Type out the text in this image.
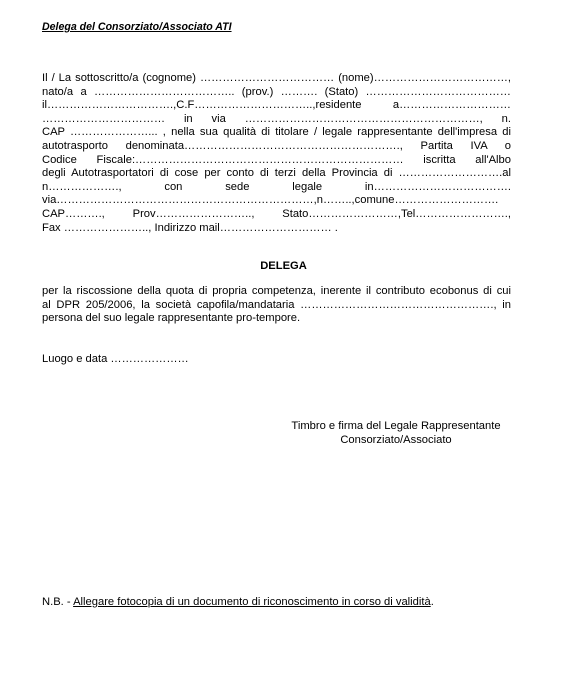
Delega del Consorziato/Associato ATI
Il / La sottoscritto/a (cognome) ……………………………… (nome)………………………………,
nato/a a ……………………………….. (prov.) ………. (Stato) …………………………………
il…………………………….,C.F…………………………..,residente a…………………………
…………………………… in via ………………………………………………………, n.
CAP …………………... , nella sua qualità di titolare / legale rappresentante dell'impresa di
autotrasporto denominata…………………………………………………., Partita IVA o
Codice Fiscale:……………………………………………………………… iscritta all'Albo
degli Autotrasportatori di cose per conto di terzi della Provincia di ……………………….al
n………………., con sede legale in……………………………….
via……………………………………………………………,n……..,comune……………………….
CAP………., Prov…………………….., Stato……………………,Tel…………………….,
Fax ………………….., Indirizzo mail………………………… .
DELEGA
per la riscossione della quota di propria competenza, inerente il contributo ecobonus di cui
al DPR 205/2006, la società capofila/mandataria ……………………………………………., in
persona del suo legale rappresentante pro-tempore.
Luogo e data …………………
Timbro e firma del Legale Rappresentante
Consorziato/Associato
N.B. - Allegare fotocopia di un documento di riconoscimento in corso di validità.
